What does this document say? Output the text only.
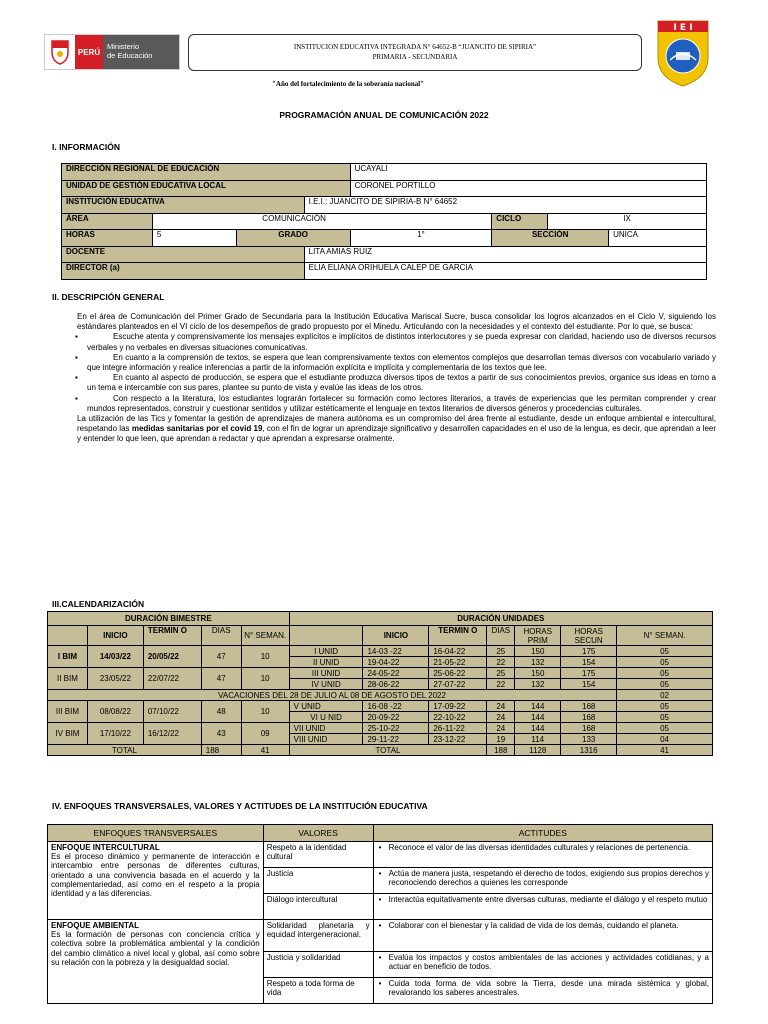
PERÚ
Ministerio
de Educación
INSTITUCION EDUCATIVA INTEGRADA N° 64652-B “JUANCITO DE SIPIRIA”
PRIMARIA - SECUNDARIA
I E I
"Año del fortalecimiento de la soberanía nacional"
PROGRAMACIÓN ANUAL DE COMUNICACIÓN 2022
I. INFORMACIÓN
DIRECCIÓN REGIONAL DE EDUCACIÓN				UCAYALI			
UNIDAD DE GESTIÓN EDUCATIVA LOCAL				CORONEL PORTILLO			
INSTITUCIÓN EDUCATIVA			I.E.I.: JUANCITO DE SIPIRIA-B N° 64652				
ÁREA	COMUNICACIÓN				CICLO	IX	
HORAS	5	GRADO		1°	SECCIÓN		UNICA
DOCENTE			LITA AMIAS RUIZ				
DIRECTOR (a)			ELIA ELIANA ORIHUELA CALEP DE GARCIA				
II. DESCRIPCIÓN GENERAL

En el área de Comunicación del Primer Grado de Secundaria para la Institución Educativa Mariscal Sucre, busca consolidar los logros alcanzados en el Ciclo V, siguiendo los estándares planteados en el VI ciclo de los desempeños de grado propuesto por el Minedu. Articulando con la necesidades y el contexto del estudiante. Por lo que, se busca:

▪	Escuche atenta y comprensivamente los mensajes explícitos e implícitos de distintos interlocutores y se pueda expresar con claridad, haciendo uso de diversos recursos verbales y no verbales en diversas situaciones comunicativas.
▪	En cuanto a la comprensión de textos, se espera que lean comprensivamente textos con elementos complejos que desarrollan temas diversos con vocabulario variado y que integre información y realice inferencias a partir de la información explícita e implícita y complementaria de los textos que lee.
▪	En cuanto al aspecto de producción, se espera que el estudiante produzca diversos tipos de textos a partir de sus conocimientos previos, organice sus ideas en torno a un tema e intercambie con sus pares, plantee su punto de vista y evalúe las ideas de los otros.
▪	Con respecto a la literatura, los estudiantes lograrán fortalecer su formación como lectores literarios, a través de experiencias que les permitan comprender y crear mundos representados, construir y cuestionar sentidos y utilizar estéticamente el lenguaje en textos literarios de diversos géneros y procedencias culturales.

La utilización de las Tics y fomentar la gestión de aprendizajes de manera autónoma es un compromiso del área frente al estudiante, desde un enfoque ambiental e intercultural, respetando las medidas sanitarias por el covid 19, con el fin de lograr un aprendizaje significativo y desarrollen capacidades en el uso de la lengua, es decir, que aprendan a leer y entender lo que leen, que aprendan a redactar y que aprendan a expresarse oralmente.

III.CALENDARIZACIÓN
DURACIÓN BIMESTRE					DURACIÓN UNIDADES						
	INICIO	TERMIN O	DIAS	N° SEMAN.		INICIO	TERMIN O	DIAS	HORAS PRIM	HORAS SECUN	N° SEMAN.
I BIM	14/03/22	20/05/22	47	10	I UNID	14-03 -22	16-04-22	25	150	175	05
					II UNID	19-04-22	21-05-22	22	132	154	05
II BIM	23/05/22	22/07/22	47	10	III UNID	24-05-22	25-06-22	25	150	175	05
					IV UNID	28-06-22	27-07-22	22	132	154	05
VACACIONES DEL 28 DE JULIO AL 08 DE AGOSTO DEL 2022											02
III BIM	08/08/22	07/10/22	48	10	V UNID	16-08 -22	17-09-22	24	144	168	05
					VI U NID	20-09-22	22-10-22	24	144	168	05
IV BIM	17/10/22	16/12/22	43	09	VII UNID	25-10-22	26-11-22	24	144	168	05
					VIII UNID	29-11-22	23-12-22	19	114	133	04
TOTAL			188	41	TOTAL			188	1128	1316	41
IV. ENFOQUES TRANSVERSALES, VALORES Y ACTITUDES DE LA INSTITUCIÓN EDUCATIVA
ENFOQUES TRANSVERSALES	VALORES	ACTITUDES
ENFOQUE INTERCULTURAL
Es el proceso dinámico y permanente de interacción e intercambio entre personas de diferentes culturas, orientado a una convivencia basada en el acuerdo y la complementariedad, así como en el respeto a la propia identidad y a las diferencias.	Respeto a la identidad cultural	• Reconoce el valor de las diversas identidades culturales y relaciones de pertenencia.

	Justicia	• Actúa de manera justa, respetando el derecho de todos, exigiendo sus propios derechos y reconociendo derechos a quienes les corresponde

	Diálogo intercultural	• Interactúa equitativamente entre diversas culturas, mediante el diálogo y el respeto mutuo

ENFOQUE AMBIENTAL
Es la formación de personas con conciencia crítica y colectiva sobre la problemática ambiental y la condición del cambio climático a nivel local y global, así como sobre su relación con la pobreza y la desigualdad social.	Solidaridad planetaria y equidad intergeneracional.	• Colaborar con el bienestar y la calidad de vida de los demás, cuidando el planeta.

	Justicia y solidaridad	• Evalúa los impactos y costos ambientales de las acciones y actividades cotidianas, y a actuar en beneficio de todos.

	Respeto a toda forma de vida	• Cuida toda forma de vida sobre la Tierra, desde una mirada sistémica y global, revalorando los saberes ancestrales.
